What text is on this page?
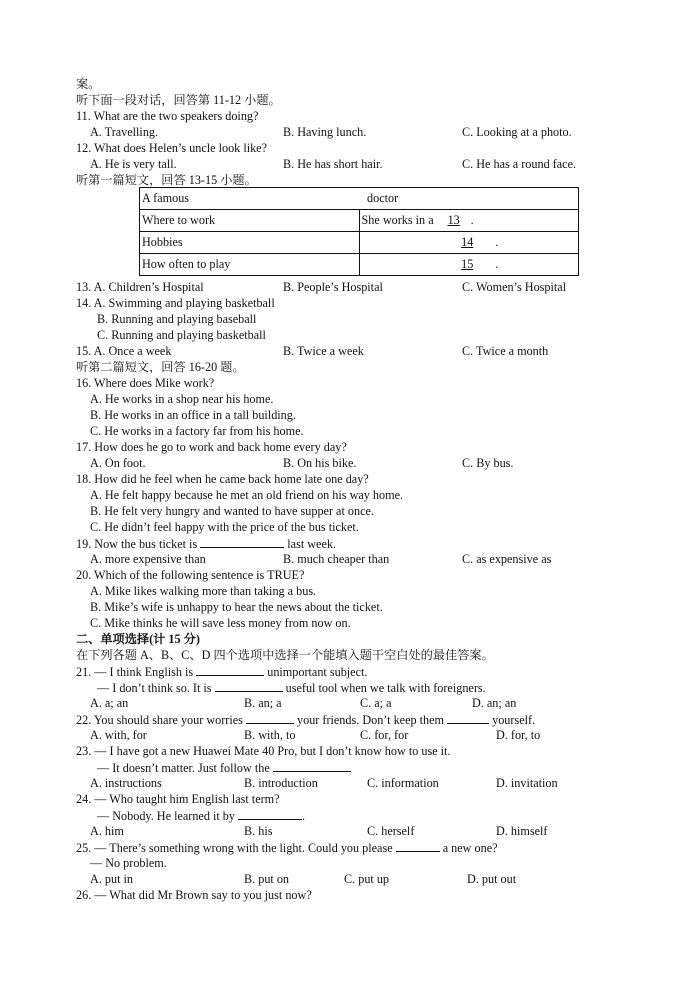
案。
听下面一段对话，回答第 11-12 小题。
11. What are the two speakers doing?
A. Travelling.	B. Having lunch.	C. Looking at a photo.
12. What does Helen’s uncle look like?
A. He is very tall.	B. He has short hair.	C. He has a round face.
听第一篇短文，回答 13-15 小题。
A famous	doctor
Where to work	She works in a 13 .
Hobbies	14 .
How often to play	15 .
13. A. Children’s Hospital	B. People’s Hospital	C. Women’s Hospital
14. A. Swimming and playing basketball
B. Running and playing baseball
C. Running and playing basketball
15. A. Once a week	B. Twice a week	C. Twice a month
听第二篇短文，回答 16-20 题。
16. Where does Mike work?
A. He works in a shop near his home.
B. He works in an office in a tall building.
C. He works in a factory far from his home.
17. How does he go to work and back home every day?
A. On foot.	B. On his bike.	C. By bus.
18. How did he feel when he came back home late one day?
A. He felt happy because he met an old friend on his way home.
B. He felt very hungry and wanted to have supper at once.
C. He didn’t feel happy with the price of the bus ticket.
19. Now the bus ticket is	last week.
A. more expensive than	B. much cheaper than	C. as expensive as
20. Which of the following sentence is TRUE?
A. Mike likes walking more than taking a bus.
B. Mike’s wife is unhappy to hear the news about the ticket.
C. Mike thinks he will save less money from now on.
二、单项选择(计 15 分)
在下列各题 A、B、C、D 四个选项中选择一个能填入题干空白处的最佳答案。
21. — I think English is	unimportant subject.
— I don’t think so. It is	useful tool when we talk with foreigners.
A. a; an	B. an; a	C. a; a	D. an; an
22. You should share your worries	your friends. Don’t keep them	yourself.
A. with, for	B. with, to	C. for, for	D. for, to
23. — I have got a new Huawei Mate 40 Pro, but I don’t know how to use it.
— It doesn’t matter. Just follow the
A. instructions	B. introduction	C. information	D. invitation
24. — Who taught him English last term?
— Nobody. He learned it by	.
A. him	B. his	C. herself	D. himself
25. — There’s something wrong with the light. Could you please	a new one?
— No problem.
A. put in	B. put on	C. put up	D. put out
26. — What did Mr Brown say to you just now?
